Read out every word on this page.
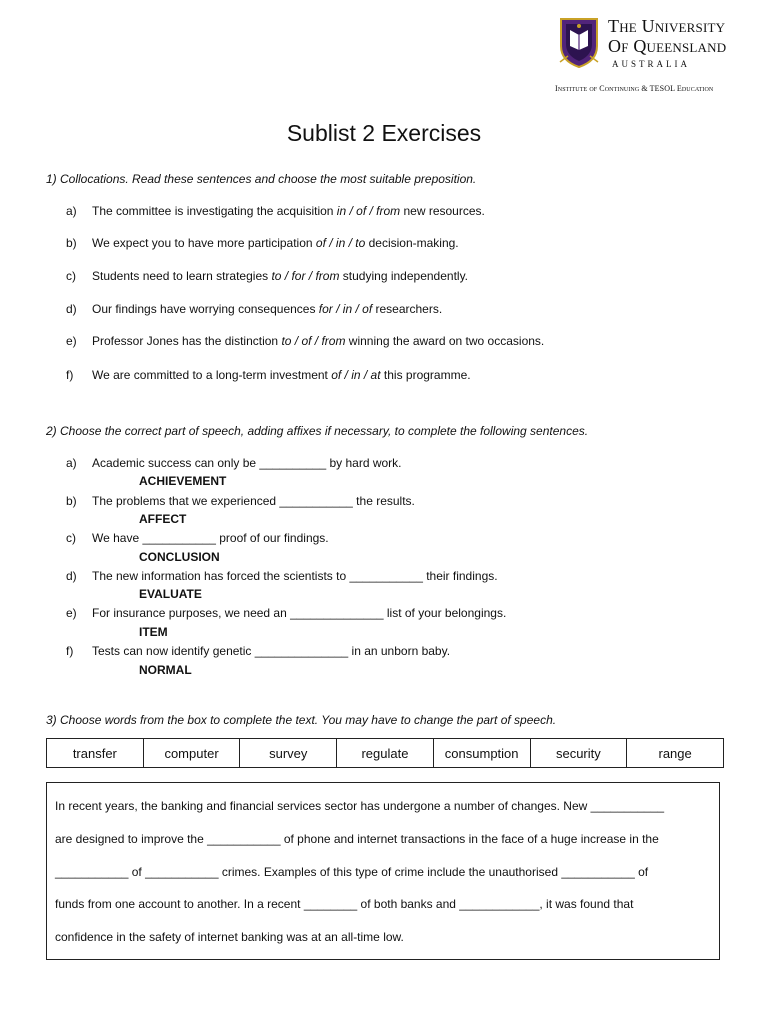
The University
Of Queensland
AUSTRALIA
Institute of Continuing & TESOL Education
Sublist 2 Exercises
1) Collocations. Read these sentences and choose the most suitable preposition.
a) The committee is investigating the acquisition in / of / from new resources.
b) We expect you to have more participation of / in / to decision-making.
c) Students need to learn strategies to / for / from studying independently.
d) Our findings have worrying consequences for / in / of researchers.
e) Professor Jones has the distinction to / of / from winning the award on two occasions.
f) We are committed to a long-term investment of / in / at this programme.
2) Choose the correct part of speech, adding affixes if necessary, to complete the following sentences.
a) Academic success can only be __________ by hard work.
ACHIEVEMENT
b) The problems that we experienced ___________ the results.
AFFECT
c) We have ___________ proof of our findings.
CONCLUSION
d) The new information has forced the scientists to ___________ their findings.
EVALUATE
e) For insurance purposes, we need an ______________ list of your belongings.
ITEM
f) Tests can now identify genetic ______________ in an unborn baby.
NORMAL
3) Choose words from the box to complete the text. You may have to change the part of speech.
transfer	computer	survey	regulate	consumption	security	range
In recent years, the banking and financial services sector has undergone a number of changes. New ___________
are designed to improve the ___________ of phone and internet transactions in the face of a huge increase in the
___________ of ___________ crimes. Examples of this type of crime include the unauthorised ___________ of
funds from one account to another. In a recent ________ of both banks and ____________, it was found that
confidence in the safety of internet banking was at an all-time low.
